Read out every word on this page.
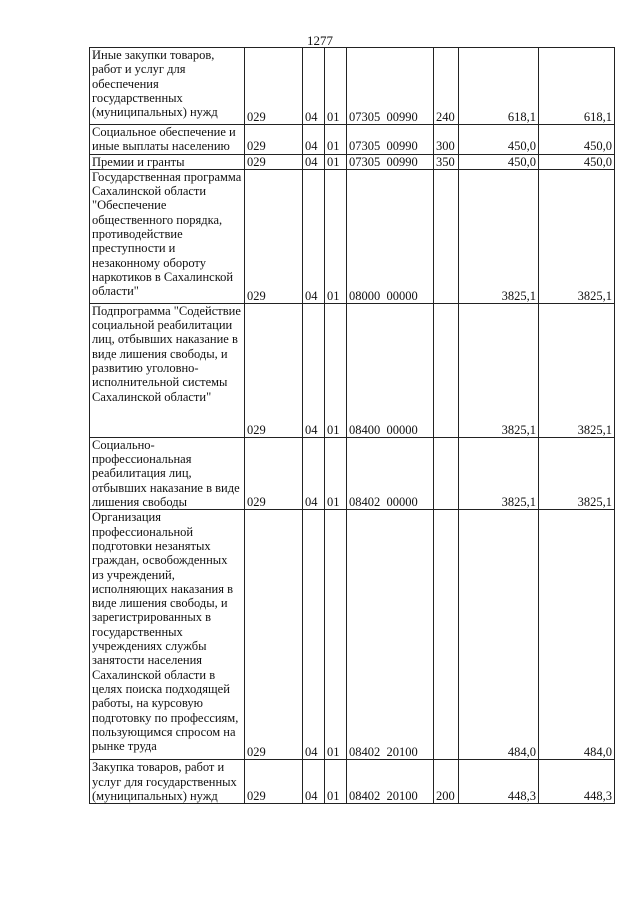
1277
Иные закупки товаров, работ и услуг для обеспечения государственных (муниципальных) нужд	029	04	01	07305  00990	240	618,1	618,1
Социальное обеспечение и иные выплаты населению	029	04	01	07305  00990	300	450,0	450,0
Премии и гранты	029	04	01	07305  00990	350	450,0	450,0
Государственная программа Сахалинской области "Обеспечение общественного порядка, противодействие преступности и незаконному обороту наркотиков в Сахалинской области"	029	04	01	08000  00000		3825,1	3825,1
Подпрограмма "Содействие социальной реабилитации лиц, отбывших наказание в виде лишения свободы, и развитию уголовно-исполнительной системы Сахалинской области"	029	04	01	08400  00000		3825,1	3825,1
Социально-профессиональная реабилитация лиц, отбывших наказание в виде лишения свободы	029	04	01	08402  00000		3825,1	3825,1
Организация профессиональной подготовки незанятых граждан, освобожденных из учреждений, исполняющих наказания в виде лишения свободы, и зарегистрированных в государственных учреждениях службы занятости населения Сахалинской области в целях поиска подходящей работы, на курсовую подготовку по профессиям, пользующимся спросом на рынке труда	029	04	01	08402  20100		484,0	484,0
Закупка товаров, работ и услуг для государственных (муниципальных) нужд	029	04	01	08402  20100	200	448,3	448,3
